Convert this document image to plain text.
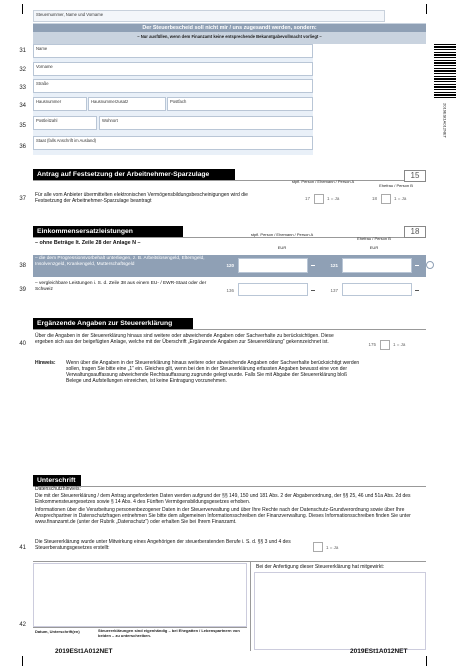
Steuernummer, Name und Vorname
Der Steuerbescheid soll nicht mir / uns zugesandt werden, sondern:
– Nur ausfüllen, wenn dem Finanzamt keine entsprechende Bekanntgabevollmacht vorliegt –
31 Name
32
Vorname
33
Straße
34
Hausnummer	Hausnummerzusatz	Postfach
35
Postleitzahl	Wohnort
36
Staat (falls Anschrift im Ausland)
2019ESt1A012NET
Antrag auf Festsetzung der Arbeitnehmer-Sparzulage	15
stpfl. Person / Ehemann / Person A
Ehefrau / Person B
37
Für alle vom Anbieter übermittelten elektronischen Vermögensbildungsbescheinigungen wird die Festsetzung der Arbeitnehmer-Sparzulage beantragt	17	1 = Ja	18	1 = Ja
Einkommensersatzleistungen	18
– ohne Beträge lt. Zeile 28 der Anlage N –
stpfl. Person / Ehemann / Person A
EUR
Ehefrau / Person B
EUR
38
– die dem Progressionsvorbehalt unterliegen, z. B. Arbeitslosengeld, Elterngeld, Insolvenzgeld, Krankengeld, Mutterschaftsgeld	120	121
39
– vergleichbare Leistungen i. S. d. Zeile 38 aus einem EU- / EWR-Staat oder der Schweiz	136	137
Ergänzende Angaben zur Steuererklärung
40
Über die Angaben in der Steuererklärung hinaus sind weitere oder abweichende Angaben oder Sachverhalte zu berücksichtigen. Diese ergeben sich aus der beigefügten Anlage, welche mit der Überschrift „Ergänzende Angaben zur Steuererklärung“ gekennzeichnet ist.	175	1 = Ja
Hinweis: Wenn über die Angaben in der Steuererklärung hinaus weitere oder abweichende Angaben oder Sachverhalte berücksichtigt werden sollen, tragen Sie bitte eine „1“ ein. Gleiches gilt, wenn bei den in der Steuererklärung erfassten Angaben bewusst eine von der Verwaltungsauffassung abweichende Rechtsauffassung zugrunde gelegt wurde. Falls Sie mit Abgabe der Steuererklärung bloß Belege und Aufstellungen einreichen, ist keine Eintragung vorzunehmen.
Unterschrift
Datenschutzhinweis:
Die mit der Steuererklärung / dem Antrag angeforderten Daten werden aufgrund der §§ 149, 150 und 181 Abs. 2 der Abgabenordnung, der §§ 25, 46 und 51a Abs. 2d des Einkommensteuergesetzes sowie § 14 Abs. 4 des Fünften Vermögensbildungsgesetzes erhoben.
Informationen über die Verarbeitung personenbezogener Daten in der Steuerverwaltung und über Ihre Rechte nach der Datenschutz-Grundverordnung sowie über Ihre Ansprechpartner in Datenschutzfragen entnehmen Sie bitte dem allgemeinen Informationsschreiben der Finanzverwaltung. Dieses Informationsschreiben finden Sie unter www.finanzamt.de (unter der Rubrik „Datenschutz“) oder erhalten Sie bei Ihrem Finanzamt.
41
Die Steuererklärung wurde unter Mitwirkung eines Angehörigen der steuerberatenden Berufe i. S. d. §§ 3 und 4 des Steuerberatungsgesetzes erstellt:	1 = Ja
Bei der Anfertigung dieser Steuererklärung hat mitgewirkt:
42
Datum, Unterschrift(en)	Steuererklärungen sind eigenhändig – bei Ehegatten / Lebenspartnern von beiden – zu unterschreiben.
2019ESt1A012NET	2019ESt1A012NET
